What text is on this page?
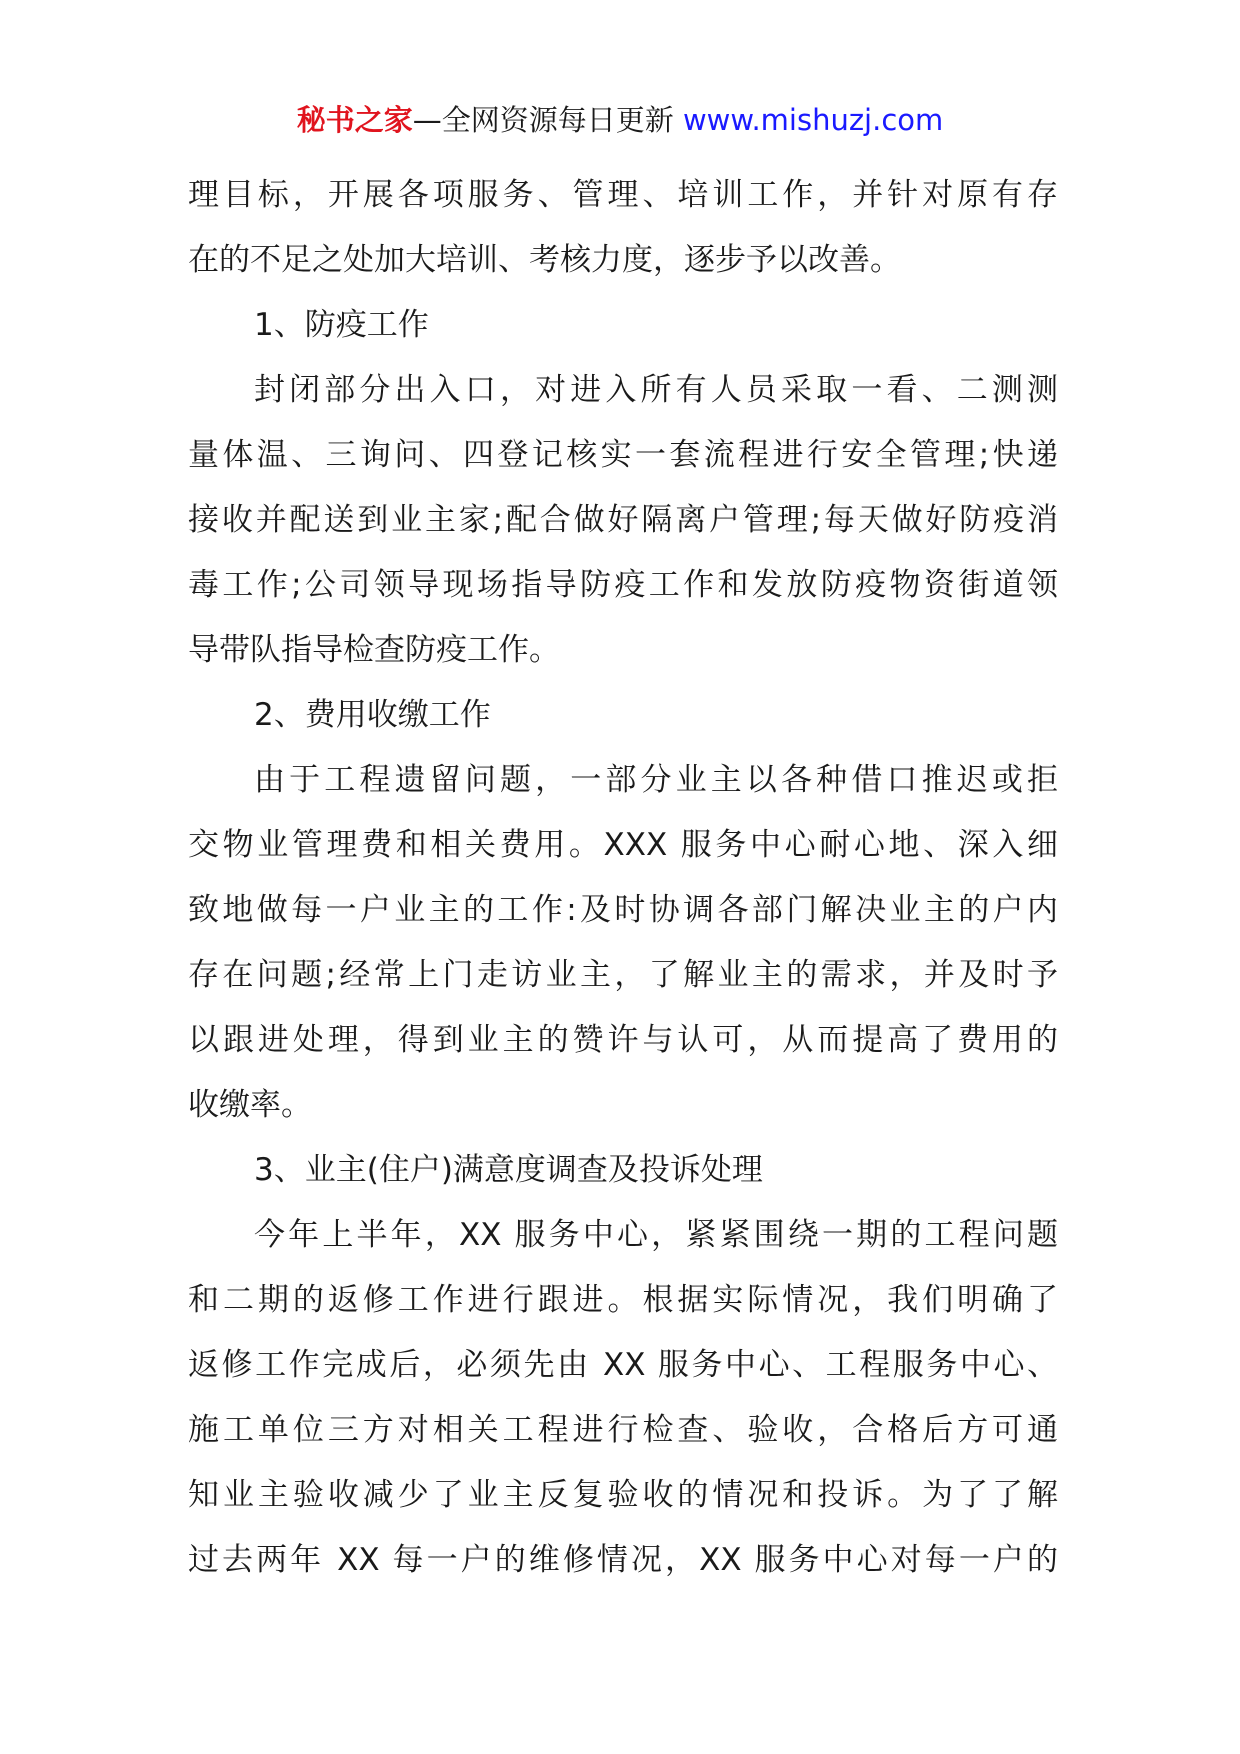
秘书之家—全网资源每日更新 www.mishuzj.com
理目标，开展各项服务、管理、培训工作，并针对原有存
在的不足之处加大培训、考核力度，逐步予以改善。
1、防疫工作
封闭部分出入口，对进入所有人员采取一看、二测测
量体温、三询问、四登记核实一套流程进行安全管理;快递
接收并配送到业主家;配合做好隔离户管理;每天做好防疫消
毒工作;公司领导现场指导防疫工作和发放防疫物资街道领
导带队指导检查防疫工作。
2、费用收缴工作
由于工程遗留问题，一部分业主以各种借口推迟或拒
交物业管理费和相关费用。XXX 服务中心耐心地、深入细
致地做每一户业主的工作:及时协调各部门解决业主的户内
存在问题;经常上门走访业主，了解业主的需求，并及时予
以跟进处理，得到业主的赞许与认可，从而提高了费用的
收缴率。
3、业主(住户)满意度调查及投诉处理
今年上半年，XX 服务中心，紧紧围绕一期的工程问题
和二期的返修工作进行跟进。根据实际情况，我们明确了
返修工作完成后，必须先由 XX 服务中心、工程服务中心、
施工单位三方对相关工程进行检查、验收，合格后方可通
知业主验收减少了业主反复验收的情况和投诉。为了了解
过去两年 XX 每一户的维修情况，XX 服务中心对每一户的
